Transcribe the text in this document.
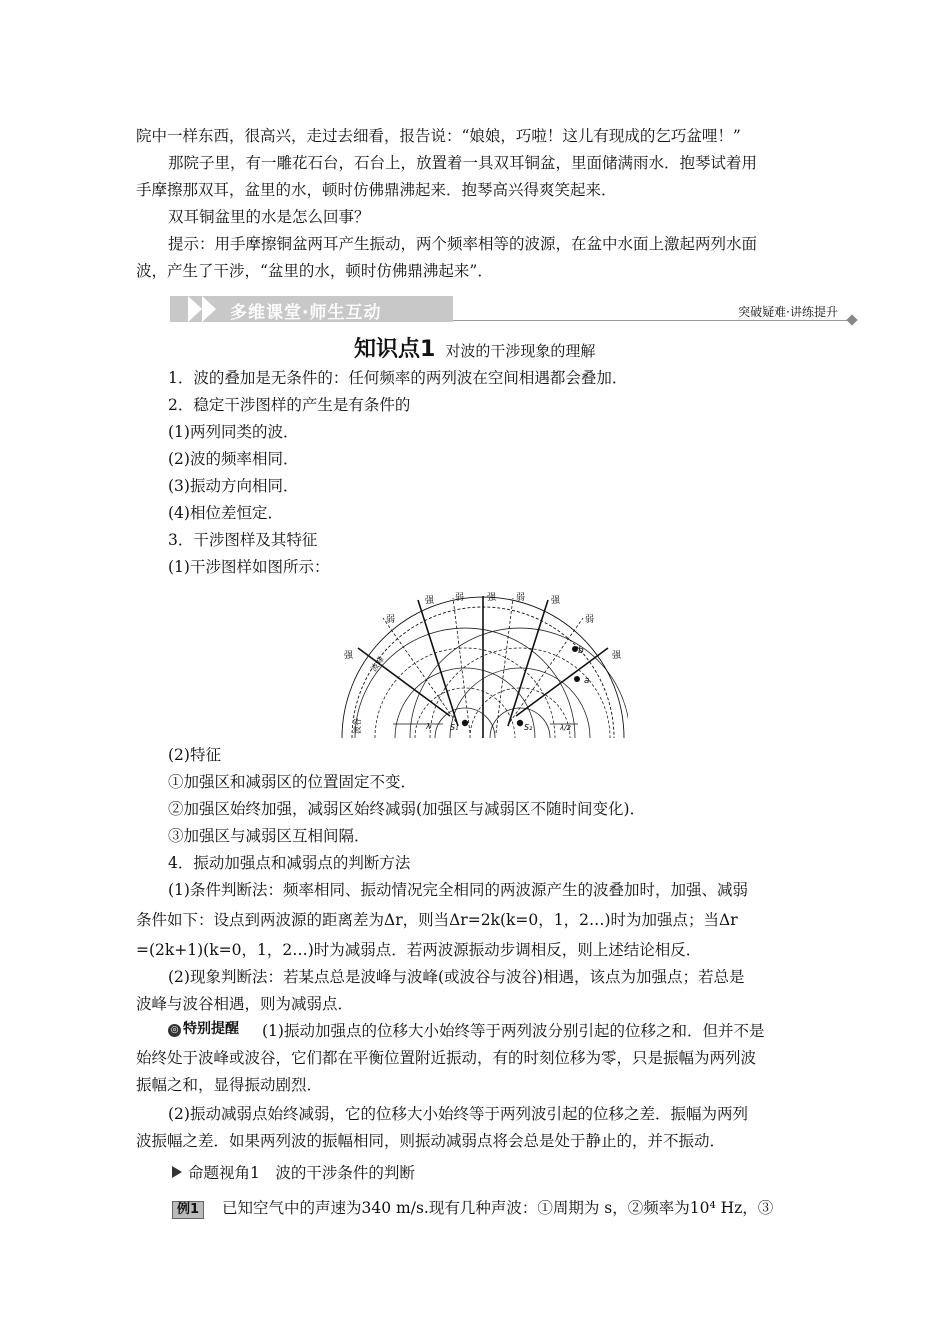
院中一样东西，很高兴，走过去细看，报告说：“娘娘，巧啦！这儿有现成的乞巧盆哩！”
那院子里，有一雕花石台，石台上，放置着一具双耳铜盆，里面储满雨水．抱琴试着用
手摩擦那双耳，盆里的水，顿时仿佛鼎沸起来．抱琴高兴得爽笑起来．
双耳铜盆里的水是怎么回事？
提示：用手摩擦铜盆两耳产生振动，两个频率相等的波源，在盆中水面上激起两列水面
波，产生了干涉，“盆里的水，顿时仿佛鼎沸起来”．
多维课堂·师生互动	突破疑难·讲练提升
知识点1 对波的干涉现象的理解
1．波的叠加是无条件的：任何频率的两列波在空间相遇都会叠加．
2．稳定干涉图样的产生是有条件的
(1)两列同类的波．
(2)波的频率相同．
(3)振动方向相同．
(4)相位差恒定．
3．干涉图样及其特征
(1)干涉图样如图所示：
强 弱	强 弱	强
弱	弱
强	强
波峰
波谷	S₁	S₂
b
a
λ	λ/2
(2)特征
①加强区和减弱区的位置固定不变．
②加强区始终加强，减弱区始终减弱(加强区与减弱区不随时间变化)．
③加强区与减弱区互相间隔．
4．振动加强点和减弱点的判断方法
(1)条件判断法：频率相同、振动情况完全相同的两波源产生的波叠加时，加强、减弱
条件如下：设点到两波源的距离差为Δr，则当Δr=2k(k=0，1，2…)时为加强点；当Δr
=(2k+1)(k=0，1，2…)时为减弱点．若两波源振动步调相反，则上述结论相反．
(2)现象判断法：若某点总是波峰与波峰(或波谷与波谷)相遇，该点为加强点；若总是
波峰与波谷相遇，则为减弱点．
◎ 特别提醒 (1)振动加强点的位移大小始终等于两列波分别引起的位移之和．但并不是
始终处于波峰或波谷，它们都在平衡位置附近振动，有的时刻位移为零，只是振幅为两列波
振幅之和，显得振动剧烈．
(2)振动减弱点始终减弱，它的位移大小始终等于两列波引起的位移之差．振幅为两列
波振幅之差．如果两列波的振幅相同，则振动减弱点将会总是处于静止的，并不振动．
命题视角1　波的干涉条件的判断
例1 已知空气中的声速为340 m/s.现有几种声波：①周期为 s，②频率为10⁴ Hz，③
